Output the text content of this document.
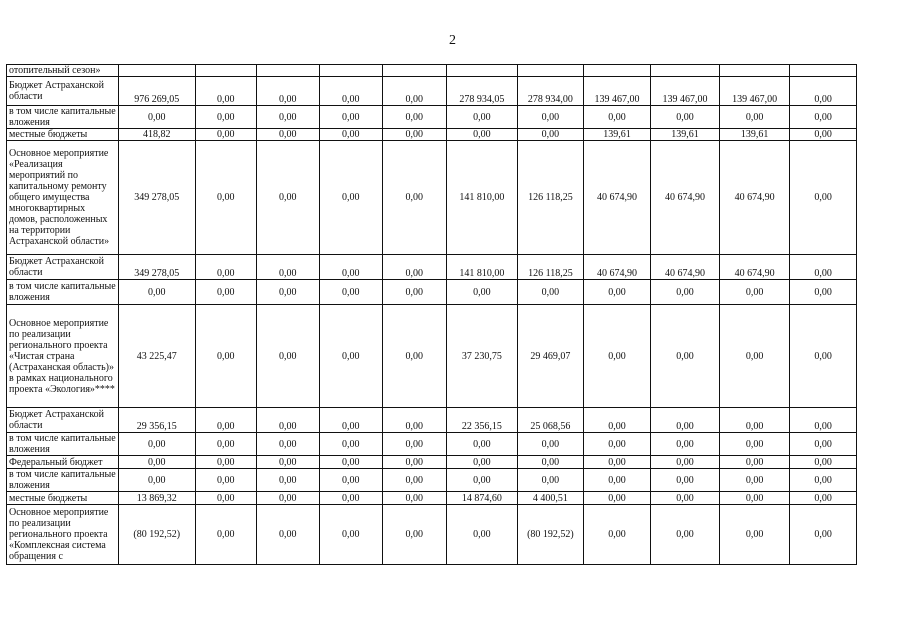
2
отопительный сезон»											
Бюджет Астраханской области	976 269,05	0,00	0,00	0,00	0,00	278 934,05	278 934,00	139 467,00	139 467,00	139 467,00	0,00
в том числе капитальные вложения	0,00	0,00	0,00	0,00	0,00	0,00	0,00	0,00	0,00	0,00	0,00
местные бюджеты	418,82	0,00	0,00	0,00	0,00	0,00	0,00	139,61	139,61	139,61	0,00
Основное мероприятие «Реализация мероприятий по капитальному ремонту общего имущества многоквартирных домов, расположенных на территории Астраханской области»	349 278,05	0,00	0,00	0,00	0,00	141 810,00	126 118,25	40 674,90	40 674,90	40 674,90	0,00
Бюджет Астраханской области	349 278,05	0,00	0,00	0,00	0,00	141 810,00	126 118,25	40 674,90	40 674,90	40 674,90	0,00
в том числе капитальные вложения	0,00	0,00	0,00	0,00	0,00	0,00	0,00	0,00	0,00	0,00	0,00
Основное мероприятие по реализации регионального проекта «Чистая страна (Астраханская область)» в рамках национального проекта «Экология»****	43 225,47	0,00	0,00	0,00	0,00	37 230,75	29 469,07	0,00	0,00	0,00	0,00
Бюджет Астраханской области	29 356,15	0,00	0,00	0,00	0,00	22 356,15	25 068,56	0,00	0,00	0,00	0,00
в том числе капитальные вложения	0,00	0,00	0,00	0,00	0,00	0,00	0,00	0,00	0,00	0,00	0,00
Федеральный бюджет	0,00	0,00	0,00	0,00	0,00	0,00	0,00	0,00	0,00	0,00	0,00
в том числе капитальные вложения	0,00	0,00	0,00	0,00	0,00	0,00	0,00	0,00	0,00	0,00	0,00
местные бюджеты	13 869,32	0,00	0,00	0,00	0,00	14 874,60	4 400,51	0,00	0,00	0,00	0,00
Основное мероприятие по реализации регионального проекта «Комплексная система обращения с	(80 192,52)	0,00	0,00	0,00	0,00	0,00	(80 192,52)	0,00	0,00	0,00	0,00
